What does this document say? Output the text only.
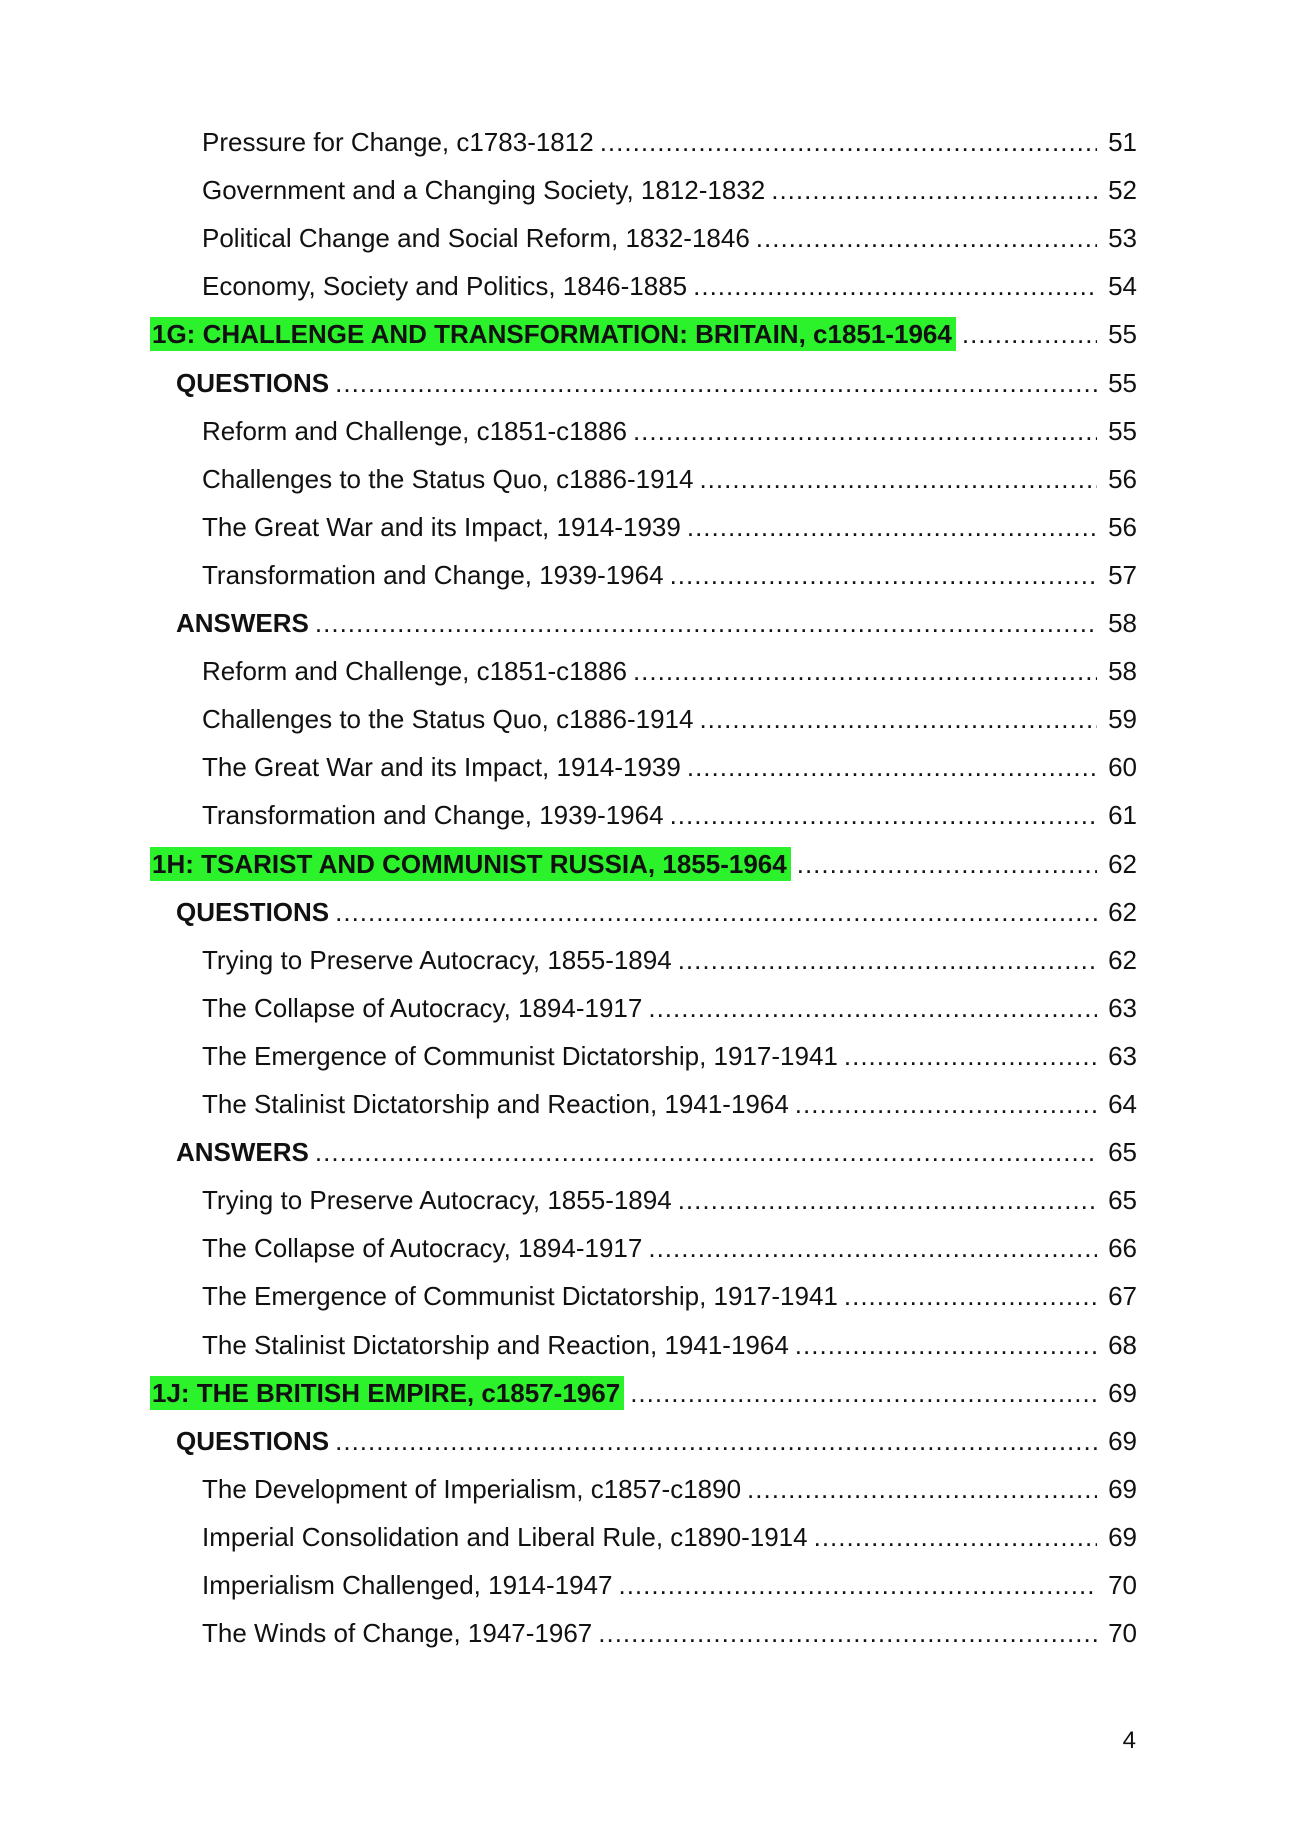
Pressure for Change, c1783-1812 .....	51
Government and a Changing Society, 1812-1832 .....	52
Political Change and Social Reform, 1832-1846 .....	53
Economy, Society and Politics, 1846-1885 .....	54
1G: CHALLENGE AND TRANSFORMATION: BRITAIN, c1851-1964 .....	55
QUESTIONS .....	55
Reform and Challenge, c1851-c1886 .....	55
Challenges to the Status Quo, c1886-1914 .....	56
The Great War and its Impact, 1914-1939 .....	56
Transformation and Change, 1939-1964 .....	57
ANSWERS .....	58
Reform and Challenge, c1851-c1886 .....	58
Challenges to the Status Quo, c1886-1914 .....	59
The Great War and its Impact, 1914-1939 .....	60
Transformation and Change, 1939-1964 .....	61
1H: TSARIST AND COMMUNIST RUSSIA, 1855-1964 .....	62
QUESTIONS .....	62
Trying to Preserve Autocracy, 1855-1894 .....	62
The Collapse of Autocracy, 1894-1917 .....	63
The Emergence of Communist Dictatorship, 1917-1941 .....	63
The Stalinist Dictatorship and Reaction, 1941-1964 .....	64
ANSWERS .....	65
Trying to Preserve Autocracy, 1855-1894 .....	65
The Collapse of Autocracy, 1894-1917 .....	66
The Emergence of Communist Dictatorship, 1917-1941 .....	67
The Stalinist Dictatorship and Reaction, 1941-1964 .....	68
1J: THE BRITISH EMPIRE, c1857-1967 .....	69
QUESTIONS .....	69
The Development of Imperialism, c1857-c1890 .....	69
Imperial Consolidation and Liberal Rule, c1890-1914 .....	69
Imperialism Challenged, 1914-1947 .....	70
The Winds of Change, 1947-1967 .....	70
4
